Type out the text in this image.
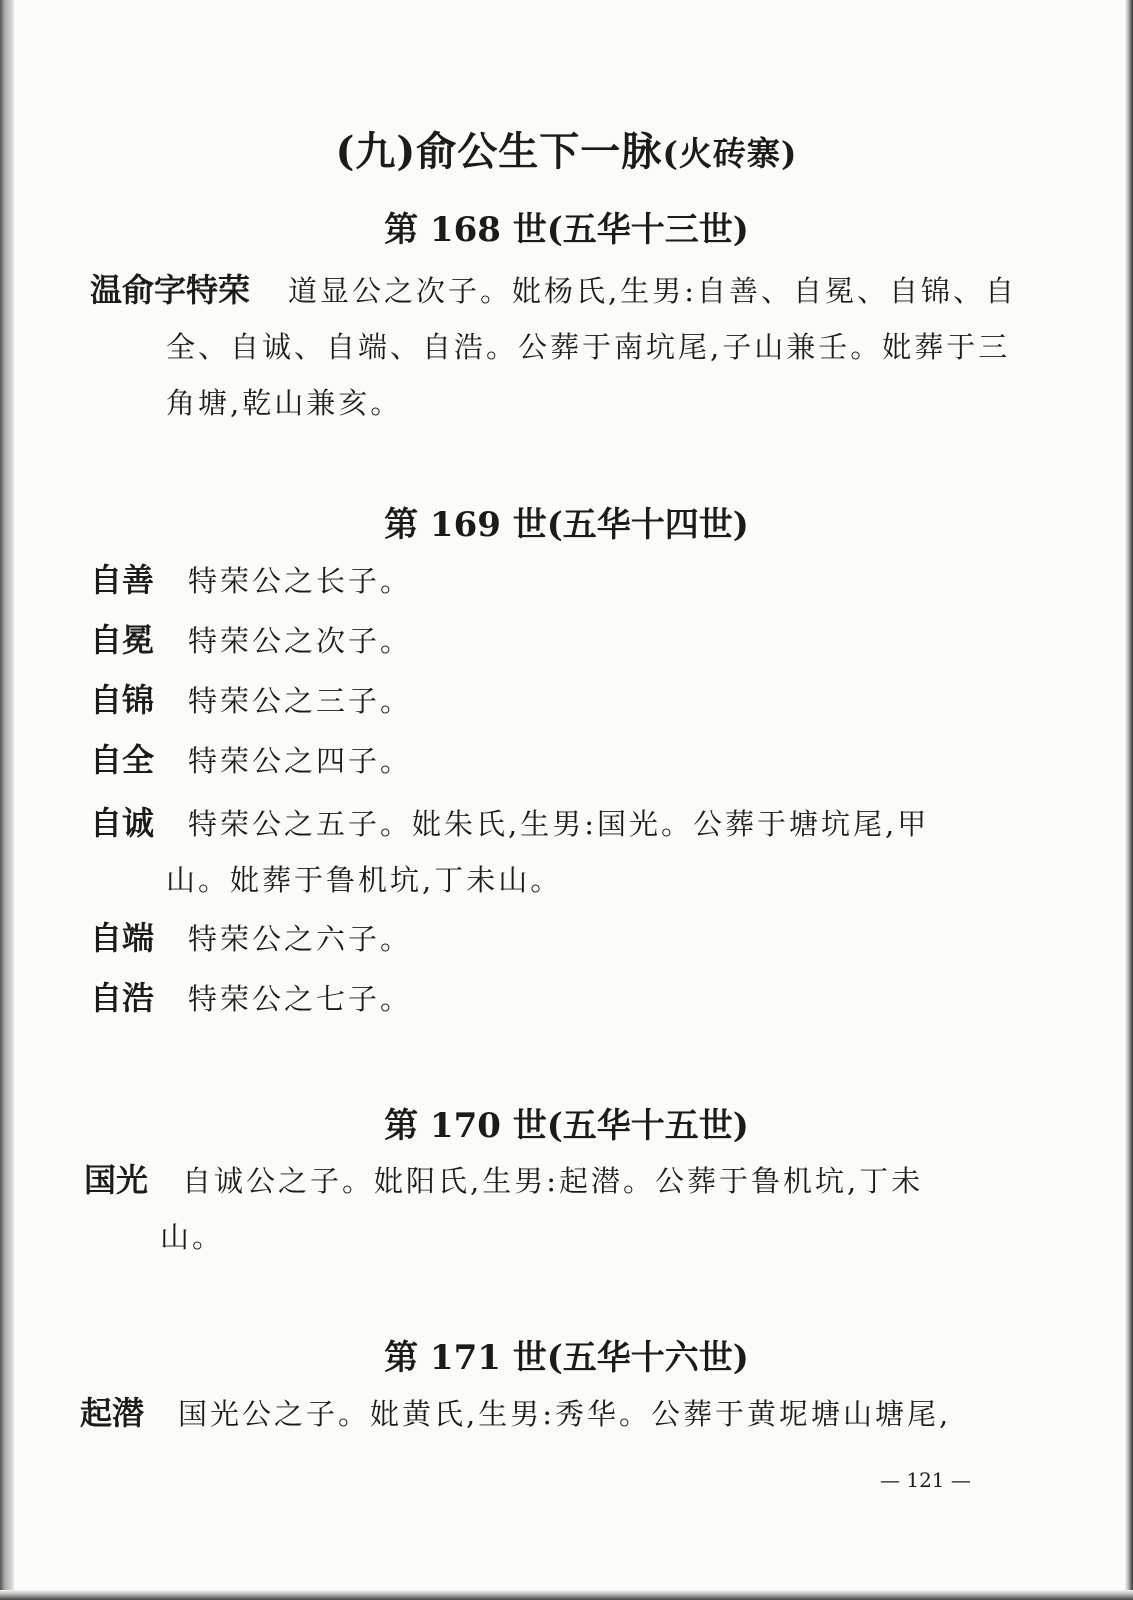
(九)俞公生下一脉(火砖寨)
第 168 世(五华十三世)
温俞字特荣 道显公之次子。妣杨氏,生男:自善、自冕、自锦、自
全、自诚、自端、自浩。公葬于南坑尾,子山兼壬。妣葬于三
角塘,乾山兼亥。
第 169 世(五华十四世)
自善 特荣公之长子。
自冕 特荣公之次子。
自锦 特荣公之三子。
自全 特荣公之四子。
自诚 特荣公之五子。妣朱氏,生男:国光。公葬于塘坑尾,甲
山。妣葬于鲁机坑,丁未山。
自端 特荣公之六子。
自浩 特荣公之七子。
第 170 世(五华十五世)
国光 自诚公之子。妣阳氏,生男:起潜。公葬于鲁机坑,丁未
山。
第 171 世(五华十六世)
起潜 国光公之子。妣黄氏,生男:秀华。公葬于黄坭塘山塘尾,
— 121 —
